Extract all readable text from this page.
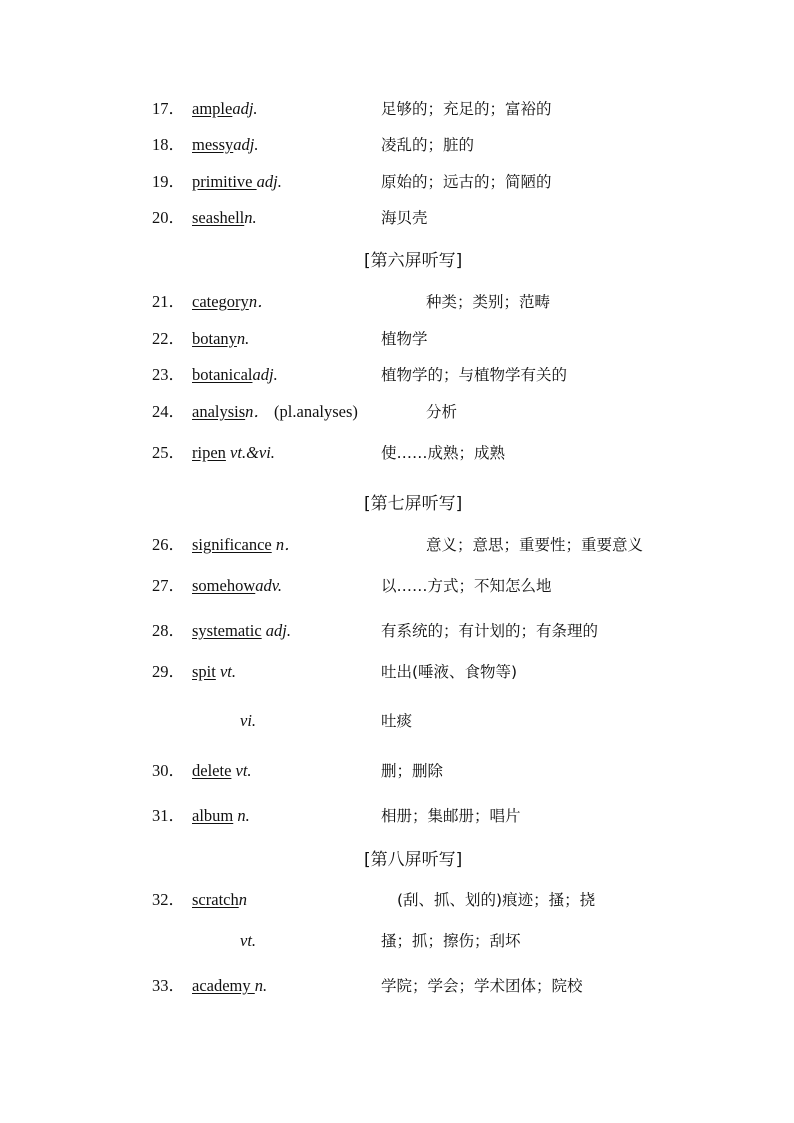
17． ampleadj.	足够的；充足的；富裕的
18． messyadj.	凌乱的；脏的
19． primitive adj.	原始的；远古的；简陋的
20． seashelln.	海贝壳
[第六屏听写]
21． categoryn．	种类；类别；范畴
22． botanyn.	植物学
23． botanicaladj.	植物学的；与植物学有关的
24． analysisn． (pl.analyses)	分析
25． ripen vt.&vi.	使……成熟；成熟
[第七屏听写]
26． significance n．	意义；意思；重要性；重要意义
27． somehowadv.	以……方式；不知怎么地
28． systematic adj.	有系统的；有计划的；有条理的
29． spit vt.	吐出(唾液、食物等)
vi.	吐痰
30． delete vt.	删；删除
31． album n.	相册；集邮册；唱片
[第八屏听写]
32． scratchn	(刮、抓、划的)痕迹；搔；挠
vt.	搔；抓；擦伤；刮坏
33． academy n.	学院；学会；学术团体；院校
